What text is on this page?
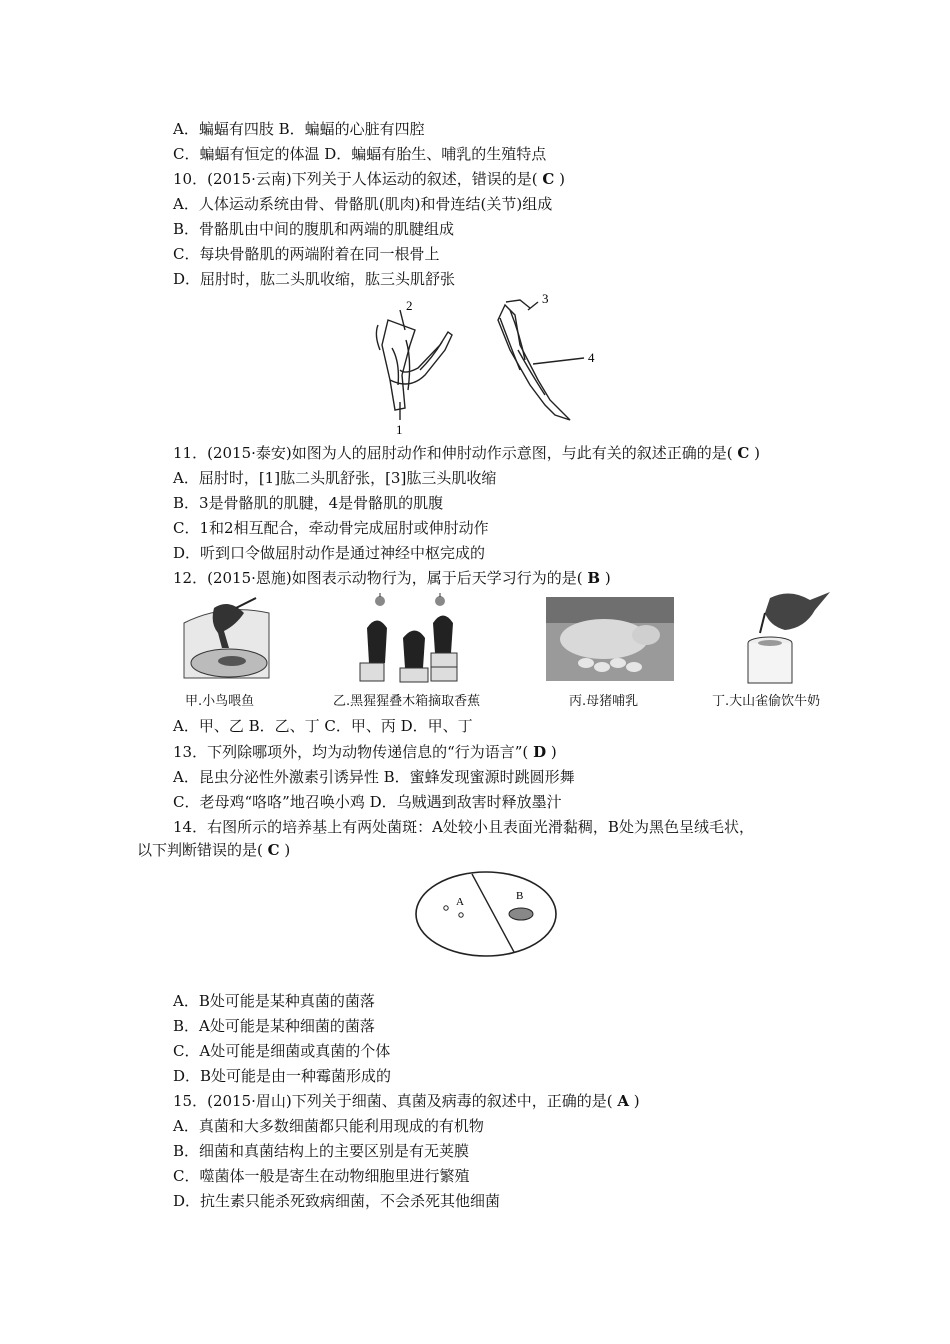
A．蝙蝠有四肢 B．蝙蝠的心脏有四腔
C．蝙蝠有恒定的体温 D．蝙蝠有胎生、哺乳的生殖特点
10．(2015·云南)下列关于人体运动的叙述，错误的是( C )
A．人体运动系统由骨、骨骼肌(肌肉)和骨连结(关节)组成
B．骨骼肌由中间的腹肌和两端的肌腱组成
C．每块骨骼肌的两端附着在同一根骨上
D．屈肘时，肱二头肌收缩，肱三头肌舒张
2	3
4
1
11．(2015·泰安)如图为人的屈肘动作和伸肘动作示意图，与此有关的叙述正确的是( C )
A．屈肘时，[1]肱二头肌舒张，[3]肱三头肌收缩
B．3是骨骼肌的肌腱，4是骨骼肌的肌腹
C．1和2相互配合，牵动骨完成屈肘或伸肘动作
D．听到口令做屈肘动作是通过神经中枢完成的
12．(2015·恩施)如图表示动物行为，属于后天学习行为的是( B )
甲.小鸟喂鱼	乙.黑猩猩叠木箱摘取香蕉	丙.母猪哺乳	丁.大山雀偷饮牛奶
A．甲、乙 B．乙、丁 C．甲、丙 D．甲、丁
13．下列除哪项外，均为动物传递信息的“行为语言”( D )
A．昆虫分泌性外激素引诱异性 B．蜜蜂发现蜜源时跳圆形舞
C．老母鸡“咯咯”地召唤小鸡 D．乌贼遇到敌害时释放墨汁
14．右图所示的培养基上有两处菌斑：A处较小且表面光滑黏稠，B处为黑色呈绒毛状，
以下判断错误的是( C )
A	B
A．B处可能是某种真菌的菌落
B．A处可能是某种细菌的菌落
C．A处可能是细菌或真菌的个体
D．B处可能是由一种霉菌形成的
15．(2015·眉山)下列关于细菌、真菌及病毒的叙述中，正确的是( A )
A．真菌和大多数细菌都只能利用现成的有机物
B．细菌和真菌结构上的主要区别是有无荚膜
C．噬菌体一般是寄生在动物细胞里进行繁殖
D．抗生素只能杀死致病细菌，不会杀死其他细菌
